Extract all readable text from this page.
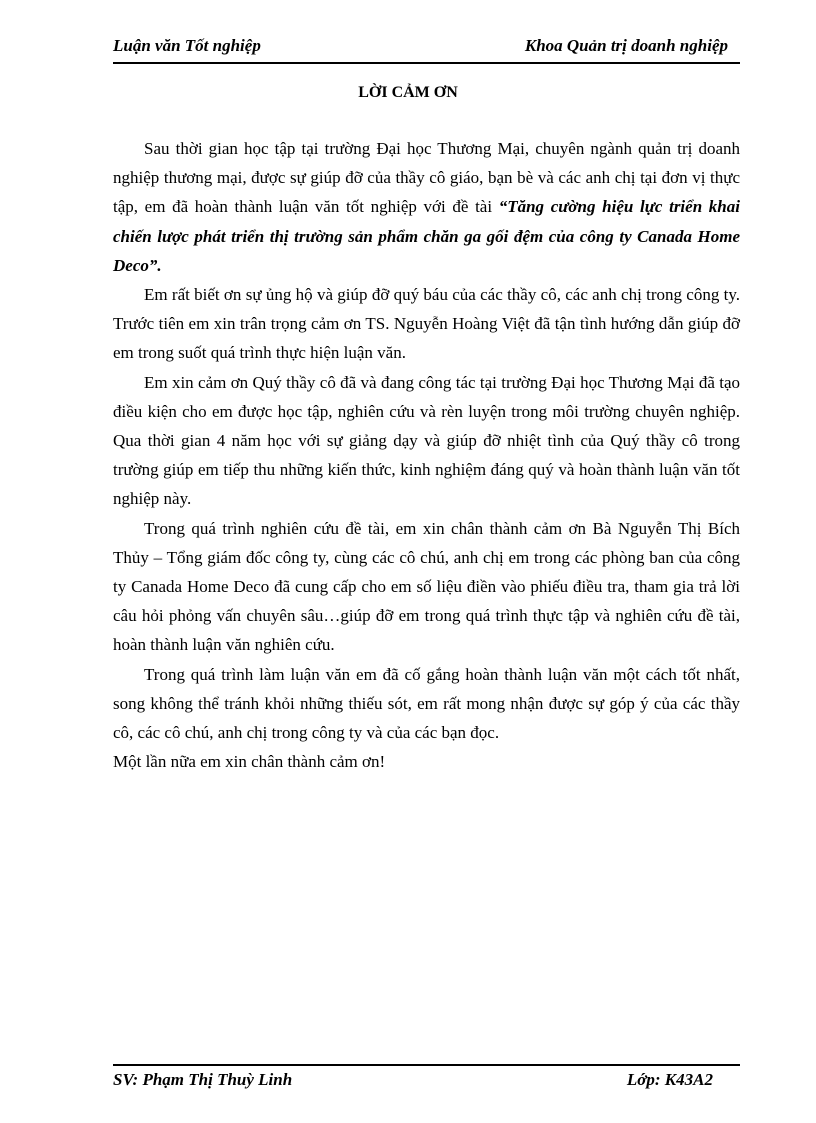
Luận văn Tốt nghiệp	Khoa Quản trị doanh nghiệp
LỜI CẢM ƠN

Sau thời gian học tập tại trường Đại học Thương Mại, chuyên ngành quản trị doanh nghiệp thương mại, được sự giúp đỡ của thầy cô giáo, bạn bè và các anh chị tại đơn vị thực tập, em đã hoàn thành luận văn tốt nghiệp với đề tài “Tăng cường hiệu lực triển khai chiến lược phát triển thị trường sản phẩm chăn ga gối đệm của công ty Canada Home Deco”.

Em rất biết ơn sự ủng hộ và giúp đỡ quý báu của các thầy cô, các anh chị trong công ty. Trước tiên em xin trân trọng cảm ơn TS. Nguyễn Hoàng Việt đã tận tình hướng dẫn giúp đỡ em trong suốt quá trình thực hiện luận văn.

Em xin cảm ơn Quý thầy cô đã và đang công tác tại trường Đại học Thương Mại đã tạo điều kiện cho em được học tập, nghiên cứu và rèn luyện trong môi trường chuyên nghiệp. Qua thời gian 4 năm học với sự giảng dạy và giúp đỡ nhiệt tình của Quý thầy cô trong trường giúp em tiếp thu những kiến thức, kinh nghiệm đáng quý và hoàn thành luận văn tốt nghiệp này.

Trong quá trình nghiên cứu đề tài, em xin chân thành cảm ơn Bà Nguyễn Thị Bích Thủy – Tổng giám đốc công ty, cùng các cô chú, anh chị em trong các phòng ban của công ty Canada Home Deco đã cung cấp cho em số liệu điền vào phiếu điều tra, tham gia trả lời câu hỏi phỏng vấn chuyên sâu…giúp đỡ em trong quá trình thực tập và nghiên cứu đề tài, hoàn thành luận văn nghiên cứu.

Trong quá trình làm luận văn em đã cố gắng hoàn thành luận văn một cách tốt nhất, song không thể tránh khỏi những thiếu sót, em rất mong nhận được sự góp ý của các thầy cô, các cô chú, anh chị trong công ty và của các bạn đọc.

Một lần nữa em xin chân thành cảm ơn!

SV: Phạm Thị Thuỳ Linh	Lớp: K43A2
